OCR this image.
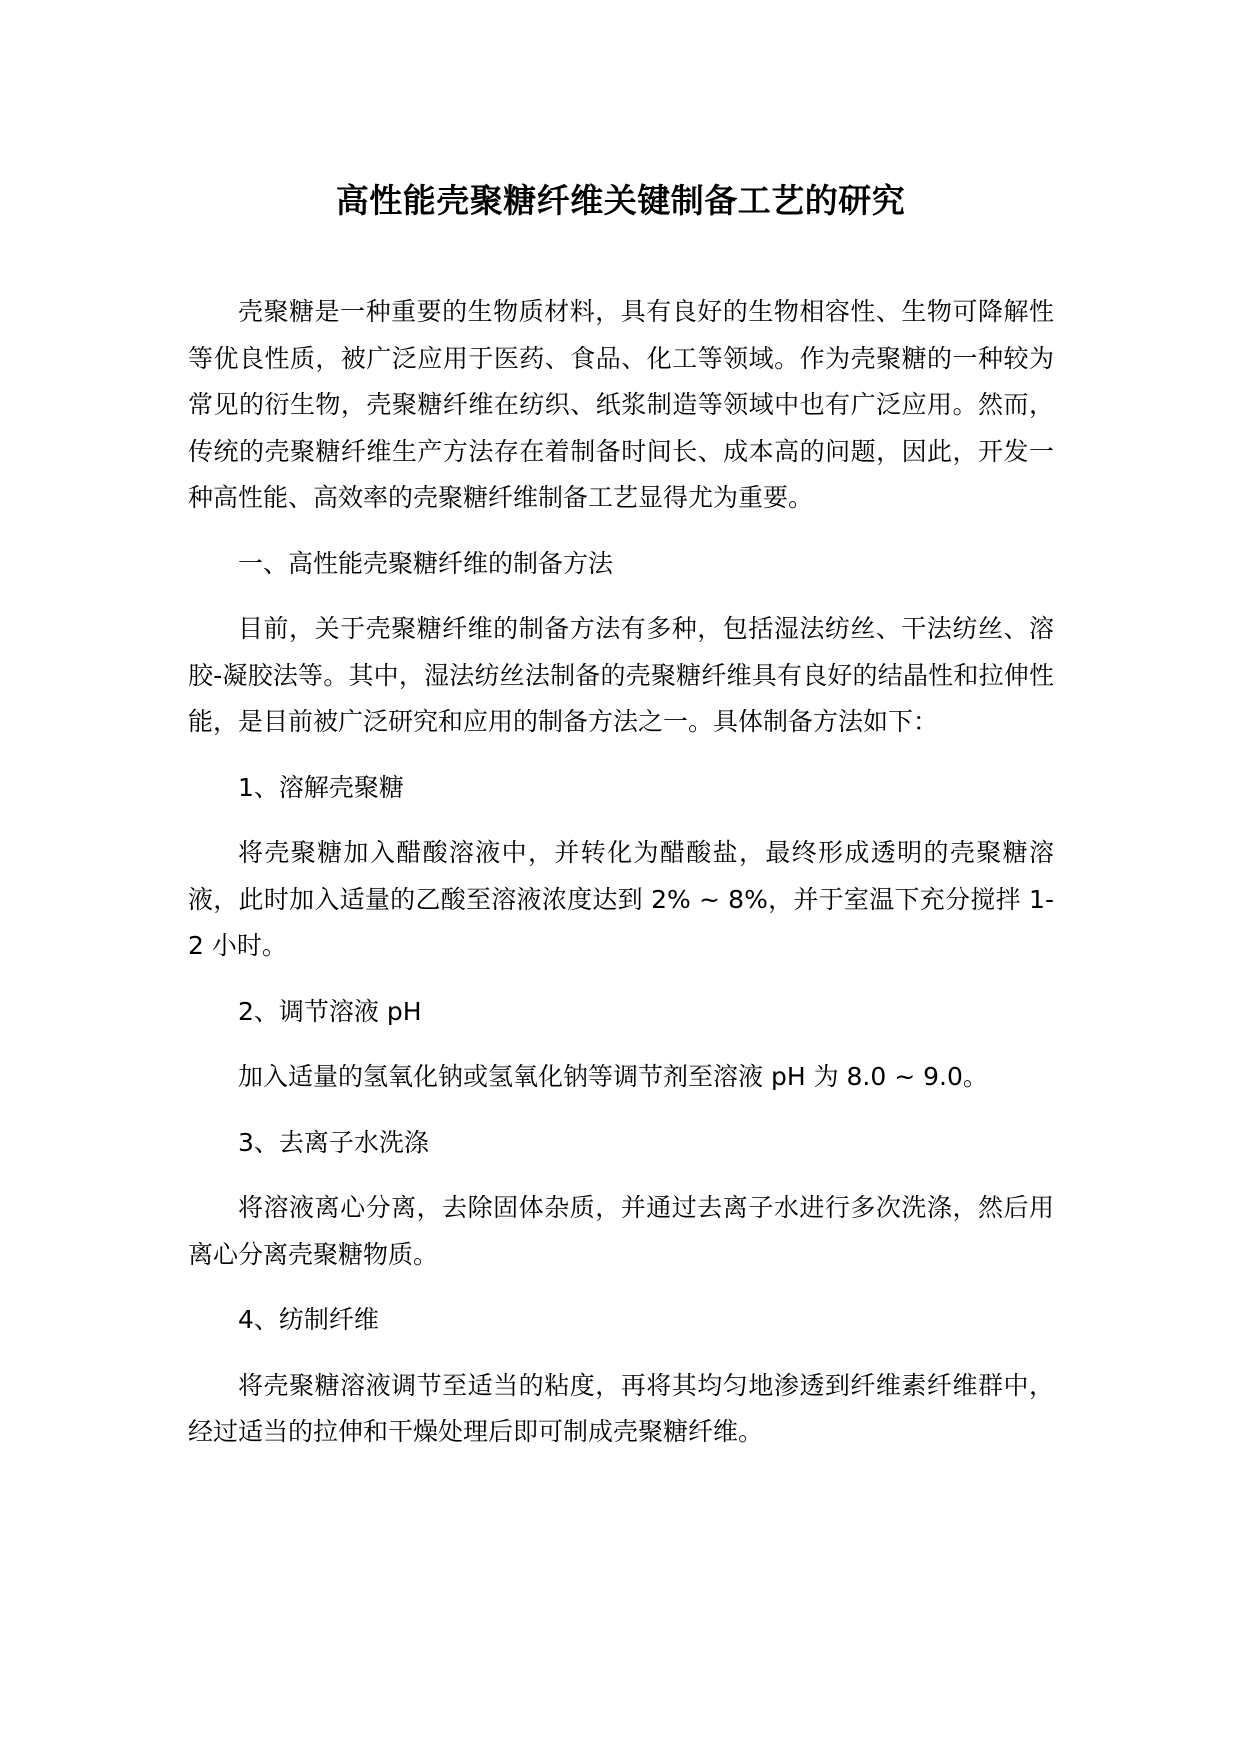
高性能壳聚糖纤维关键制备工艺的研究

壳聚糖是一种重要的生物质材料，具有良好的生物相容性、生物可降解性等优良性质，被广泛应用于医药、食品、化工等领域。作为壳聚糖的一种较为常见的衍生物，壳聚糖纤维在纺织、纸浆制造等领域中也有广泛应用。然而，传统的壳聚糖纤维生产方法存在着制备时间长、成本高的问题，因此，开发一种高性能、高效率的壳聚糖纤维制备工艺显得尤为重要。

一、高性能壳聚糖纤维的制备方法

目前，关于壳聚糖纤维的制备方法有多种，包括湿法纺丝、干法纺丝、溶胶-凝胶法等。其中，湿法纺丝法制备的壳聚糖纤维具有良好的结晶性和拉伸性能，是目前被广泛研究和应用的制备方法之一。具体制备方法如下：

1、溶解壳聚糖

将壳聚糖加入醋酸溶液中，并转化为醋酸盐，最终形成透明的壳聚糖溶液，此时加入适量的乙酸至溶液浓度达到 2% ~ 8%，并于室温下充分搅拌 1-2 小时。

2、调节溶液 pH

加入适量的氢氧化钠或氢氧化钠等调节剂至溶液 pH 为 8.0 ~ 9.0。

3、去离子水洗涤

将溶液离心分离，去除固体杂质，并通过去离子水进行多次洗涤，然后用离心分离壳聚糖物质。

4、纺制纤维

将壳聚糖溶液调节至适当的粘度，再将其均匀地渗透到纤维素纤维群中，经过适当的拉伸和干燥处理后即可制成壳聚糖纤维。
